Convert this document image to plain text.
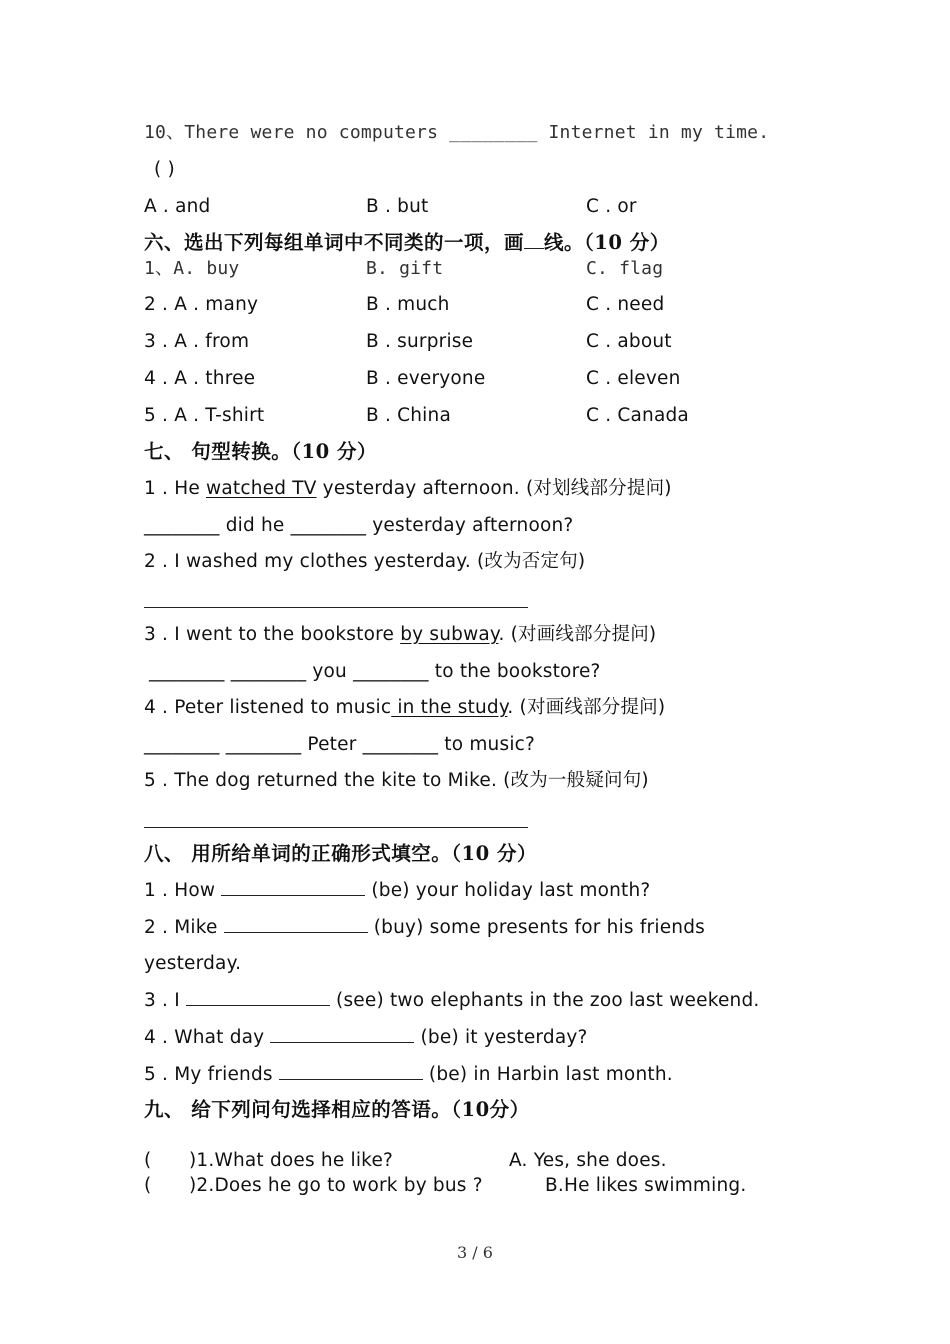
10、There were no computers ________ Internet in my time.
( )
A . and	B . but	C . or
六、选出下列每组单词中不同类的一项，画 线。（10 分）
1、A. buy	B. gift	C. flag
2 . A . many	B . much	C . need
3 . A . from	B . surprise	C . about
4 . A . three	B . everyone	C . eleven
5 . A . T-shirt	B . China	C . Canada
七、 句型转换。（10 分）
1 . He watched TV yesterday afternoon. (对划线部分提问)
________ did he ________ yesterday afternoon?
2 . I washed my clothes yesterday. (改为否定句)
3 . I went to the bookstore by subway. (对画线部分提问)
________ ________ you ________ to the bookstore?
4 . Peter listened to music in the study. (对画线部分提问)
________ ________ Peter ________ to music?
5 . The dog returned the kite to Mike. (改为一般疑问句)
八、 用所给单词的正确形式填空。（10 分）
1 . How	(be) your holiday last month?
2 . Mike	(buy) some presents for his friends
yesterday.
3 . I	(see) two elephants in the zoo last weekend.
4 . What day	(be) it yesterday?
5 . My friends	(be) in Harbin last month.
九、 给下列问句选择相应的答语。（10分）
( )1.What does he like?	A. Yes, she does.
( )2.Does he go to work by bus ?	B.He likes swimming.
3 / 6
